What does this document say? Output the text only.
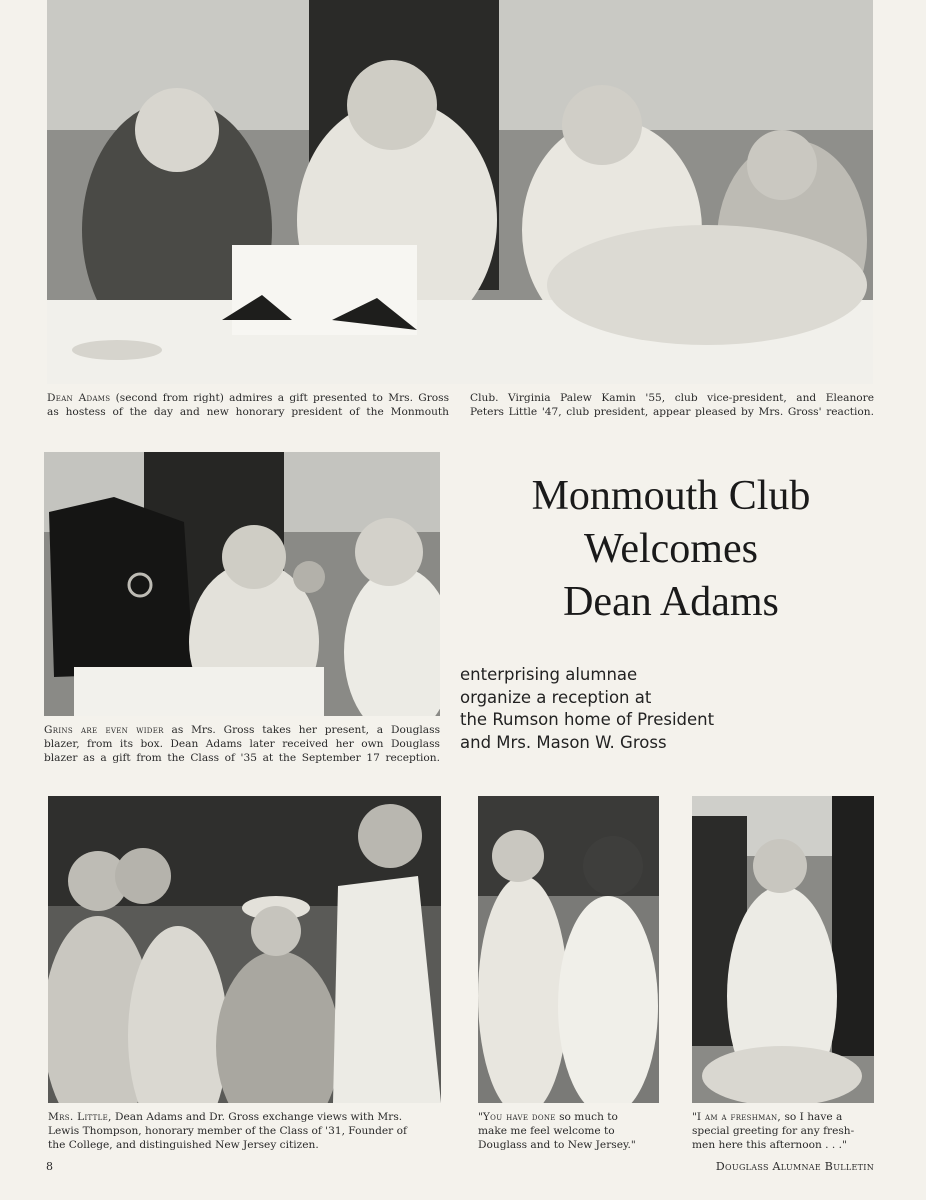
Dean Adams (second from right) admires a gift presented to Mrs. Gross
as hostess of the day and new honorary president of the Monmouth

Club. Virginia Palew Kamin '55, club vice-president, and Eleanore
Peters Little '47, club president, appear pleased by Mrs. Gross' reaction.

Grins are even wider as Mrs. Gross takes her present, a Douglass
blazer, from its box. Dean Adams later received her own Douglass
blazer as a gift from the Class of '35 at the September 17 reception.

Monmouth Club
Welcomes
Dean Adams

enterprising alumnae
organize a reception at
the Rumson home of President
and Mrs. Mason W. Gross

Mrs. Little, Dean Adams and Dr. Gross exchange views with Mrs.
Lewis Thompson, honorary member of the Class of '31, Founder of
the College, and distinguished New Jersey citizen.

"You have done so much to
make me feel welcome to
Douglass and to New Jersey."

"I am a freshman, so I have a
special greeting for any fresh-
men here this afternoon . . ."

8	Douglass Alumnae Bulletin
